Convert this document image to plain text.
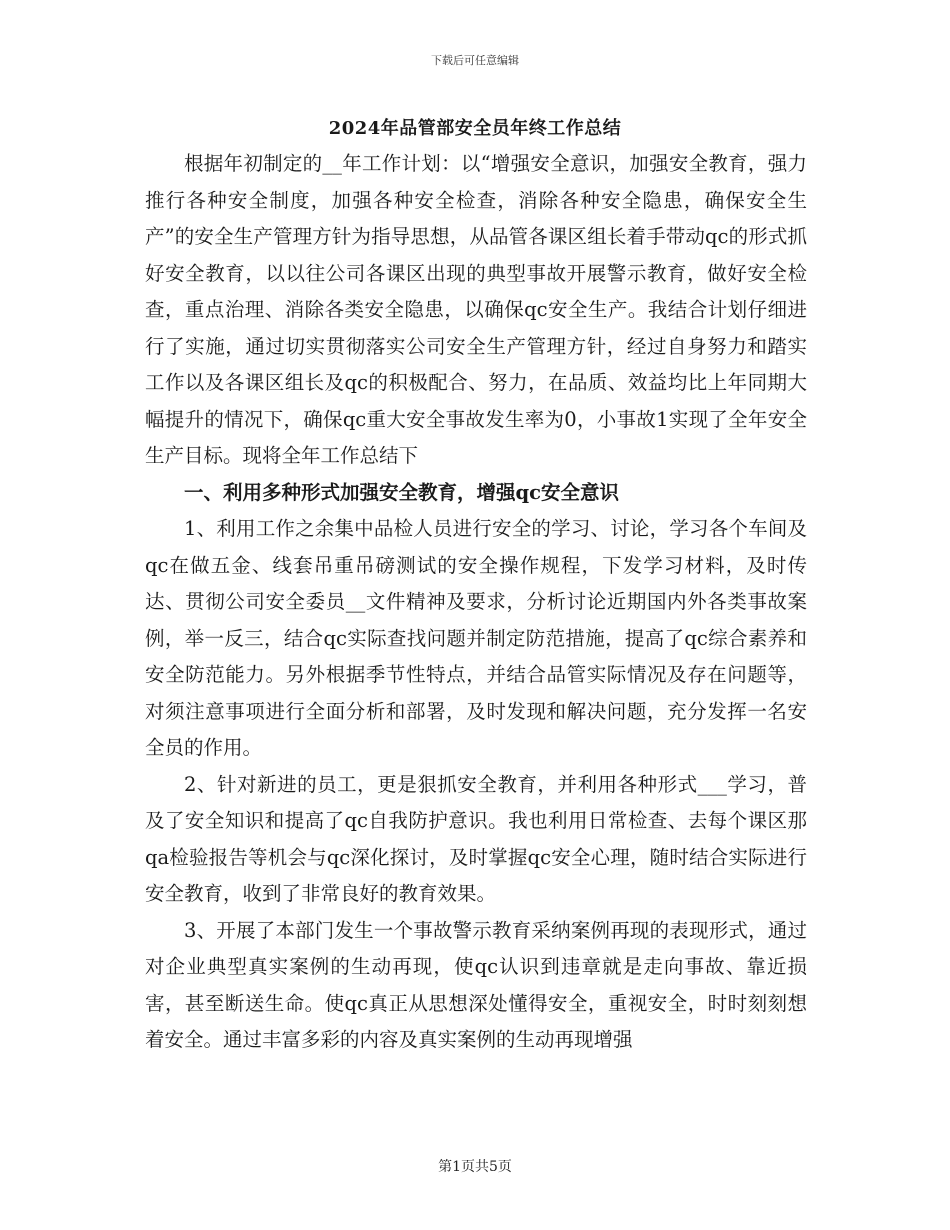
下载后可任意编辑
2024年品管部安全员年终工作总结

根据年初制定的__年工作计划：以“增强安全意识，加强安全教育，强力推行各种安全制度，加强各种安全检查，消除各种安全隐患，确保安全生产”的安全生产管理方针为指导思想，从品管各课区组长着手带动qc的形式抓好安全教育，以以往公司各课区出现的典型事故开展警示教育，做好安全检查，重点治理、消除各类安全隐患，以确保qc安全生产。我结合计划仔细进行了实施，通过切实贯彻落实公司安全生产管理方针，经过自身努力和踏实工作以及各课区组长及qc的积极配合、努力，在品质、效益均比上年同期大幅提升的情况下，确保qc重大安全事故发生率为0，小事故1实现了全年安全生产目标。现将全年工作总结下

一、利用多种形式加强安全教育，增强qc安全意识

1、利用工作之余集中品检人员进行安全的学习、讨论，学习各个车间及qc在做五金、线套吊重吊磅测试的安全操作规程，下发学习材料，及时传达、贯彻公司安全委员__文件精神及要求，分析讨论近期国内外各类事故案例，举一反三，结合qc实际查找问题并制定防范措施，提高了qc综合素养和安全防范能力。另外根据季节性特点，并结合品管实际情况及存在问题等，对须注意事项进行全面分析和部署，及时发现和解决问题，充分发挥一名安全员的作用。

2、针对新进的员工，更是狠抓安全教育，并利用各种形式___学习，普及了安全知识和提高了qc自我防护意识。我也利用日常检查、去每个课区那qa检验报告等机会与qc深化探讨，及时掌握qc安全心理，随时结合实际进行安全教育，收到了非常良好的教育效果。

3、开展了本部门发生一个事故警示教育采纳案例再现的表现形式，通过对企业典型真实案例的生动再现，使qc认识到违章就是走向事故、靠近损害，甚至断送生命。使qc真正从思想深处懂得安全，重视安全，时时刻刻想着安全。通过丰富多彩的内容及真实案例的生动再现增强

第1页共5页
